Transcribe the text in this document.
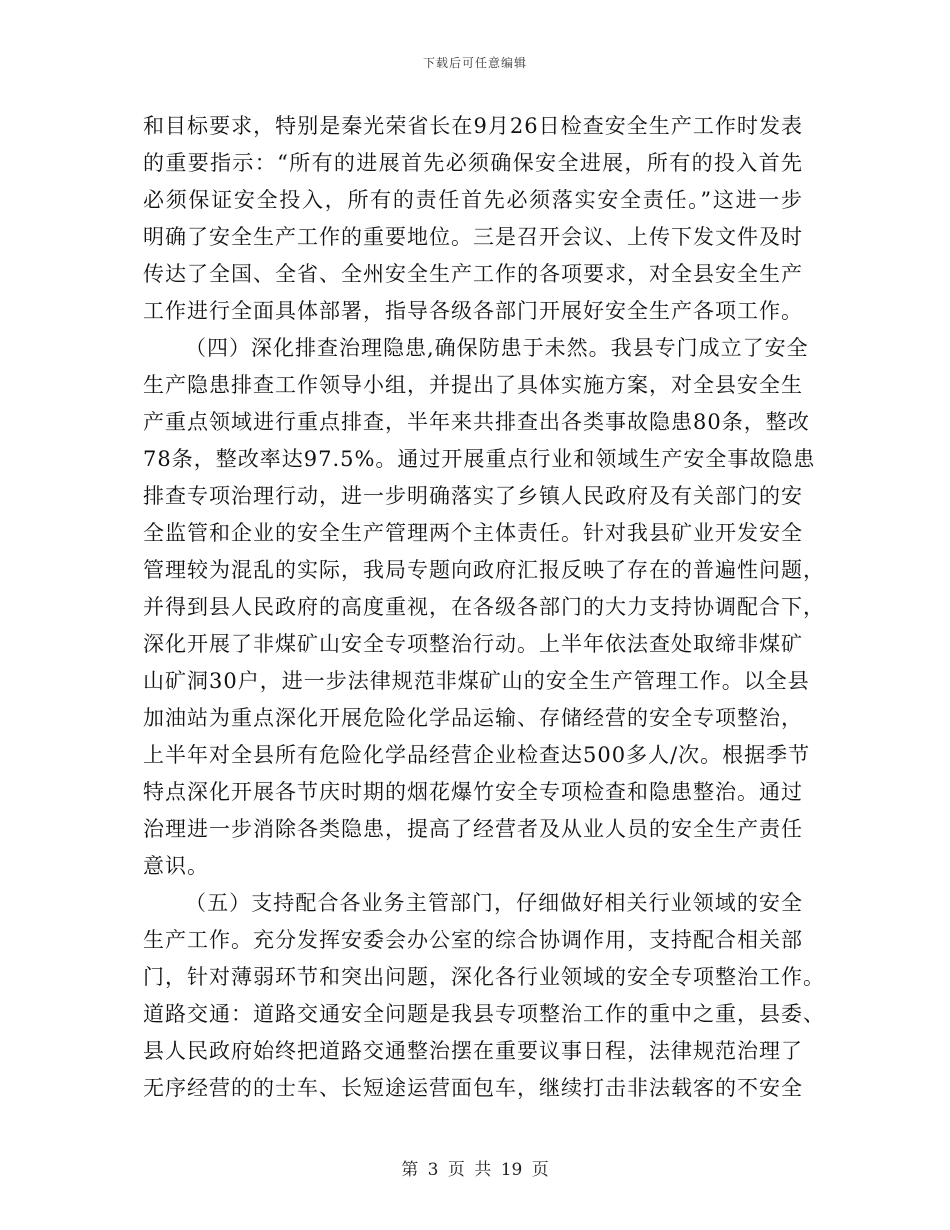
下载后可任意编辑
和目标要求，特别是秦光荣省长在9月26日检查安全生产工作时发表
的重要指示：“所有的进展首先必须确保安全进展，所有的投入首先
必须保证安全投入，所有的责任首先必须落实安全责任。”这进一步
明确了安全生产工作的重要地位。三是召开会议、上传下发文件及时
传达了全国、全省、全州安全生产工作的各项要求，对全县安全生产
工作进行全面具体部署，指导各级各部门开展好安全生产各项工作。
（四）深化排查治理隐患,确保防患于未然。我县专门成立了安全
生产隐患排查工作领导小组，并提出了具体实施方案，对全县安全生
产重点领域进行重点排查，半年来共排查出各类事故隐患80条，整改
78条，整改率达97.5%。通过开展重点行业和领域生产安全事故隐患
排查专项治理行动，进一步明确落实了乡镇人民政府及有关部门的安
全监管和企业的安全生产管理两个主体责任。针对我县矿业开发安全
管理较为混乱的实际，我局专题向政府汇报反映了存在的普遍性问题，
并得到县人民政府的高度重视，在各级各部门的大力支持协调配合下，
深化开展了非煤矿山安全专项整治行动。上半年依法查处取缔非煤矿
山矿洞30户，进一步法律规范非煤矿山的安全生产管理工作。以全县
加油站为重点深化开展危险化学品运输、存储经营的安全专项整治，
上半年对全县所有危险化学品经营企业检查达500多人/次。根据季节
特点深化开展各节庆时期的烟花爆竹安全专项检查和隐患整治。通过
治理进一步消除各类隐患，提高了经营者及从业人员的安全生产责任
意识。
（五）支持配合各业务主管部门，仔细做好相关行业领域的安全
生产工作。充分发挥安委会办公室的综合协调作用，支持配合相关部
门，针对薄弱环节和突出问题，深化各行业领域的安全专项整治工作。
道路交通：道路交通安全问题是我县专项整治工作的重中之重，县委、
县人民政府始终把道路交通整治摆在重要议事日程，法律规范治理了
无序经营的的士车、长短途运营面包车，继续打击非法载客的不安全
第 3 页 共 19 页
